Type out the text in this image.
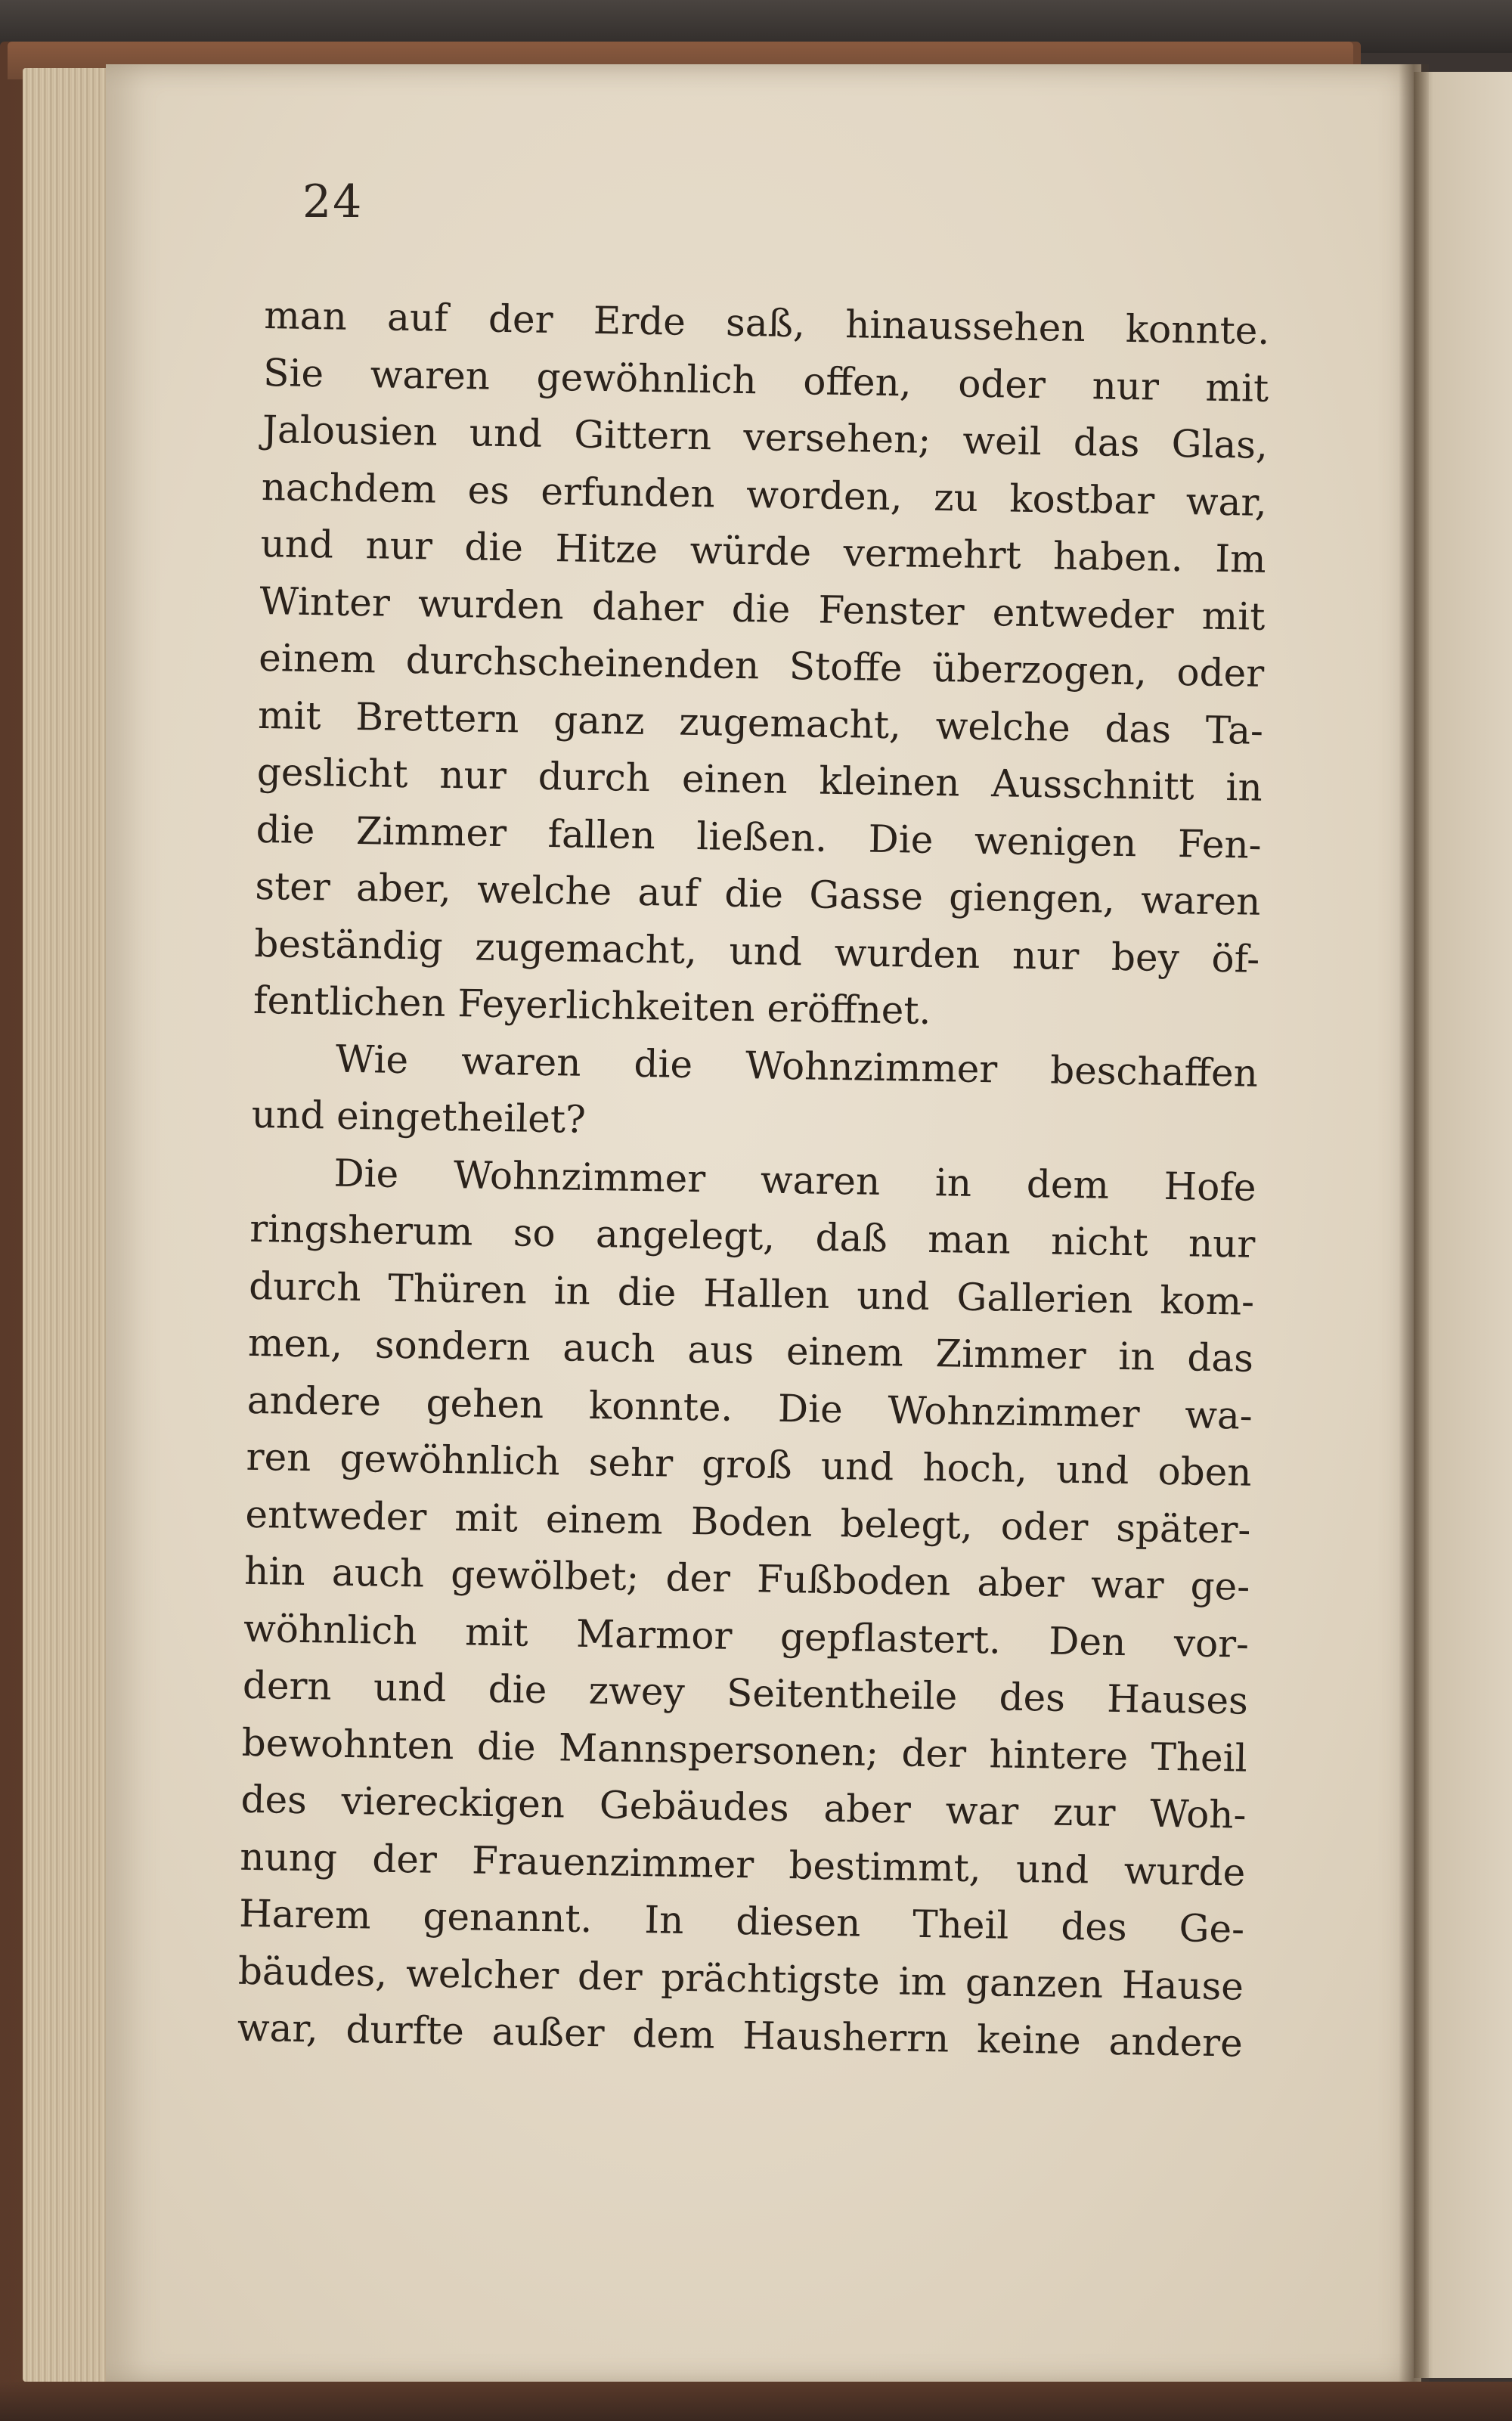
24
man auf der Erde saß, hinaussehen konnte.
Sie waren gewöhnlich offen, oder nur mit
Jalousien und Gittern versehen; weil das Glas,
nachdem es erfunden worden, zu kostbar war,
und nur die Hitze würde vermehrt haben. Im
Winter wurden daher die Fenster entweder mit
einem durchscheinenden Stoffe überzogen, oder
mit Brettern ganz zugemacht, welche das Ta-
geslicht nur durch einen kleinen Ausschnitt in
die Zimmer fallen ließen. Die wenigen Fen-
ster aber, welche auf die Gasse giengen, waren
beständig zugemacht, und wurden nur bey öf-
fentlichen Feyerlichkeiten eröffnet.
Wie waren die Wohnzimmer beschaffen
und eingetheilet?
Die Wohnzimmer waren in dem Hofe
ringsherum so angelegt, daß man nicht nur
durch Thüren in die Hallen und Gallerien kom-
men, sondern auch aus einem Zimmer in das
andere gehen konnte. Die Wohnzimmer wa-
ren gewöhnlich sehr groß und hoch, und oben
entweder mit einem Boden belegt, oder später-
hin auch gewölbet; der Fußboden aber war ge-
wöhnlich mit Marmor gepflastert. Den vor-
dern und die zwey Seitentheile des Hauses
bewohnten die Mannspersonen; der hintere Theil
des viereckigen Gebäudes aber war zur Woh-
nung der Frauenzimmer bestimmt, und wurde
Harem genannt. In diesen Theil des Ge-
bäudes, welcher der prächtigste im ganzen Hause
war, durfte außer dem Hausherrn keine andere
